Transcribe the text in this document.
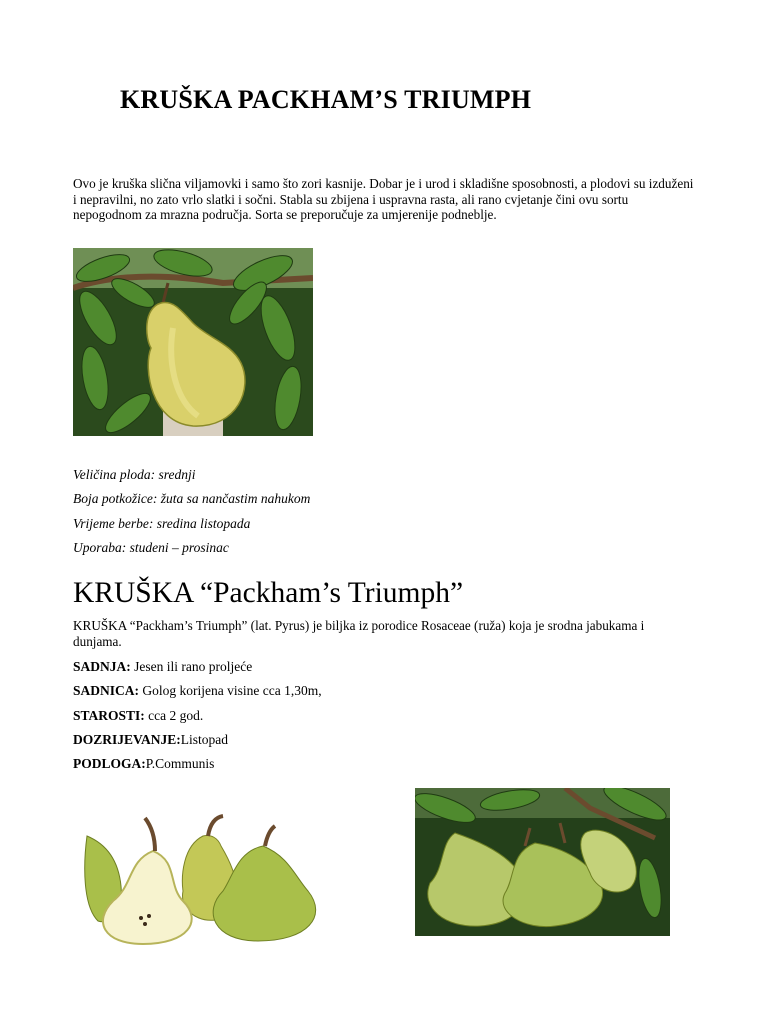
KRUŠKA PACKHAM’S TRIUMPH
Ovo je kruška slična viljamovki i samo što zori kasnije. Dobar je i urod i skladišne sposobnosti, a plodovi su izduženi i nepravilni, no zato vrlo slatki i sočni. Stabla su zbijena i uspravna rasta, ali rano cvjetanje čini ovu sortu nepogodnom za mrazna područja. Sorta se preporučuje za umjerenije podneblje.
Veličina ploda: srednji
Boja potkožice: žuta sa nančastim nahukom
Vrijeme berbe: sredina listopada
Uporaba: studeni – prosinac
KRUŠKA “Packham’s Triumph”
KRUŠKA “Packham’s Triumph” (lat. Pyrus) je biljka iz porodice Rosaceae (ruža) koja je srodna jabukama i dunjama.
SADNJA: Jesen ili rano proljeće
SADNICA: Golog korijena visine cca 1,30m,
STAROSTI: cca 2 god.
DOZRIJEVANJE:Listopad
PODLOGA:P.Communis
